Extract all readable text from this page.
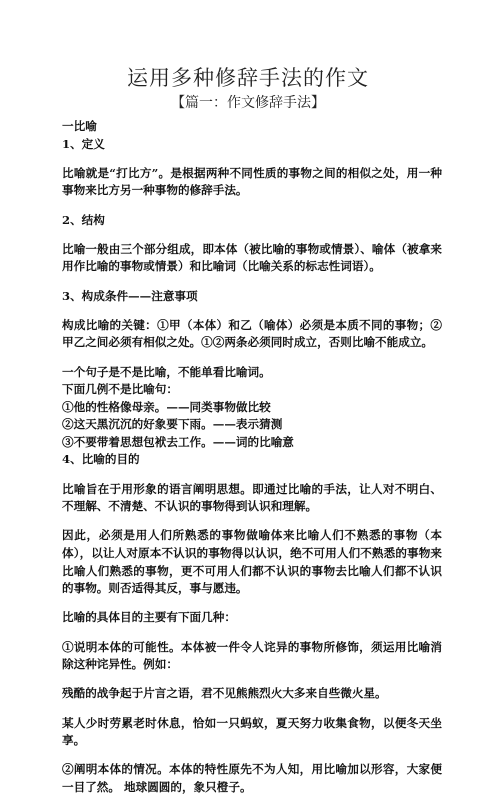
运用多种修辞手法的作文
【篇一：作文修辞手法】

一比喻

1、定义

比喻就是“打比方”。是根据两种不同性质的事物之间的相似之处，用一种事物来比方另一种事物的修辞手法。

2、结构

比喻一般由三个部分组成，即本体（被比喻的事物或情景）、喻体（被拿来用作比喻的事物或情景）和比喻词（比喻关系的标志性词语）。

3、构成条件——注意事项

构成比喻的关键：①甲（本体）和乙（喻体）必须是本质不同的事物；②甲乙之间必须有相似之处。①②两条必须同时成立，否则比喻不能成立。

一个句子是不是比喻，不能单看比喻词。

下面几例不是比喻句：

①他的性格像母亲。——同类事物做比较

②这天黑沉沉的好象要下雨。——表示猜测

③不要带着思想包袱去工作。——词的比喻意

4、比喻的目的

比喻旨在于用形象的语言阐明思想。即通过比喻的手法，让人对不明白、不理解、不清楚、不认识的事物得到认识和理解。

因此，必须是用人们所熟悉的事物做喻体来比喻人们不熟悉的事物（本体），以让人对原本不认识的事物得以认识，绝不可用人们不熟悉的事物来比喻人们熟悉的事物，更不可用人们都不认识的事物去比喻人们都不认识的事物。则否适得其反，事与愿违。

比喻的具体目的主要有下面几种：

①说明本体的可能性。本体被一件令人诧异的事物所修饰，须运用比喻消除这种诧异性。例如：

残酷的战争起于片言之语，君不见熊熊烈火大多来自些微火星。

某人少时劳累老时休息，恰如一只蚂蚁，夏天努力收集食物，以便冬天坐享。

②阐明本体的情况。本体的特性原先不为人知，用比喻加以形容，大家便一目了然。 地球圆圆的，象只橙子。
